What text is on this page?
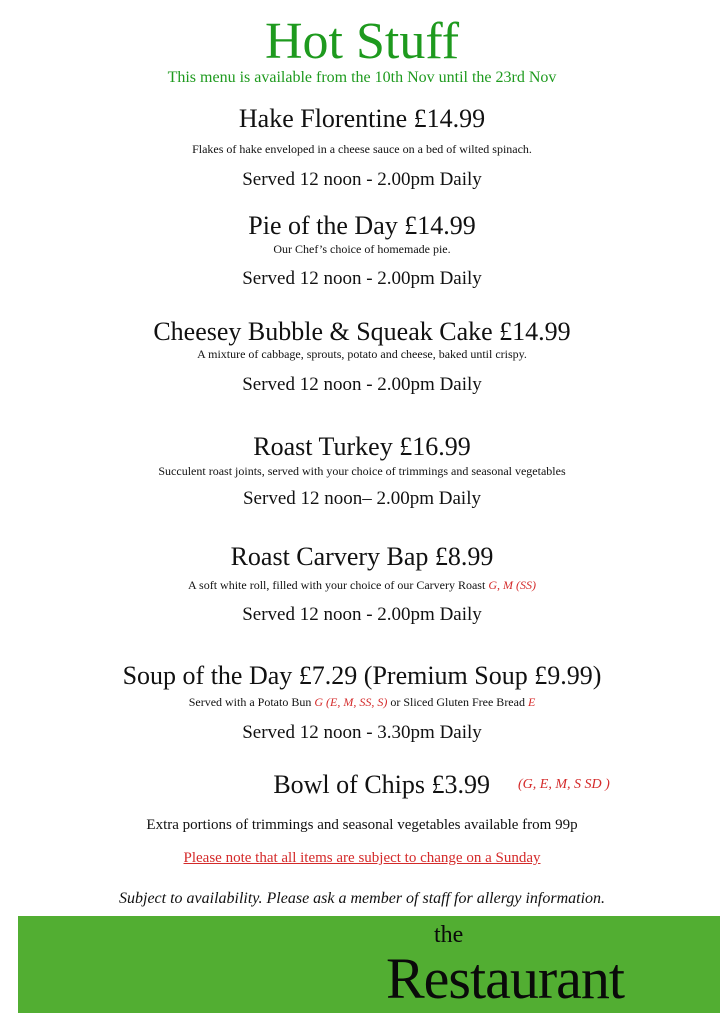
Hot Stuff
This menu is available from the 10th Nov until the 23rd Nov
Hake Florentine £14.99
Flakes of hake enveloped in a cheese sauce on a bed of wilted spinach.
Served 12 noon - 2.00pm Daily
Pie of the Day £14.99
Our Chef’s choice of homemade pie.
Served 12 noon - 2.00pm Daily
Cheesey Bubble & Squeak Cake £14.99
A mixture of cabbage, sprouts, potato and cheese, baked until crispy.
Served 12 noon - 2.00pm Daily
Roast Turkey £16.99
Succulent roast joints, served with your choice of trimmings and seasonal vegetables
Served 12 noon– 2.00pm Daily
Roast Carvery Bap £8.99
A soft white roll, filled with your choice of our Carvery Roast G, M (SS)
Served 12 noon - 2.00pm Daily
Soup of the Day £7.29 (Premium Soup £9.99)
Served with a Potato Bun G (E, M, SS, S) or Sliced Gluten Free Bread E
Served 12 noon - 3.30pm Daily
Bowl of Chips £3.99 (G, E, M, S SD )
Extra portions of trimmings and seasonal vegetables available from 99p
Please note that all items are subject to change on a Sunday
Subject to availability. Please ask a member of staff for allergy information.
the
Restaurant
